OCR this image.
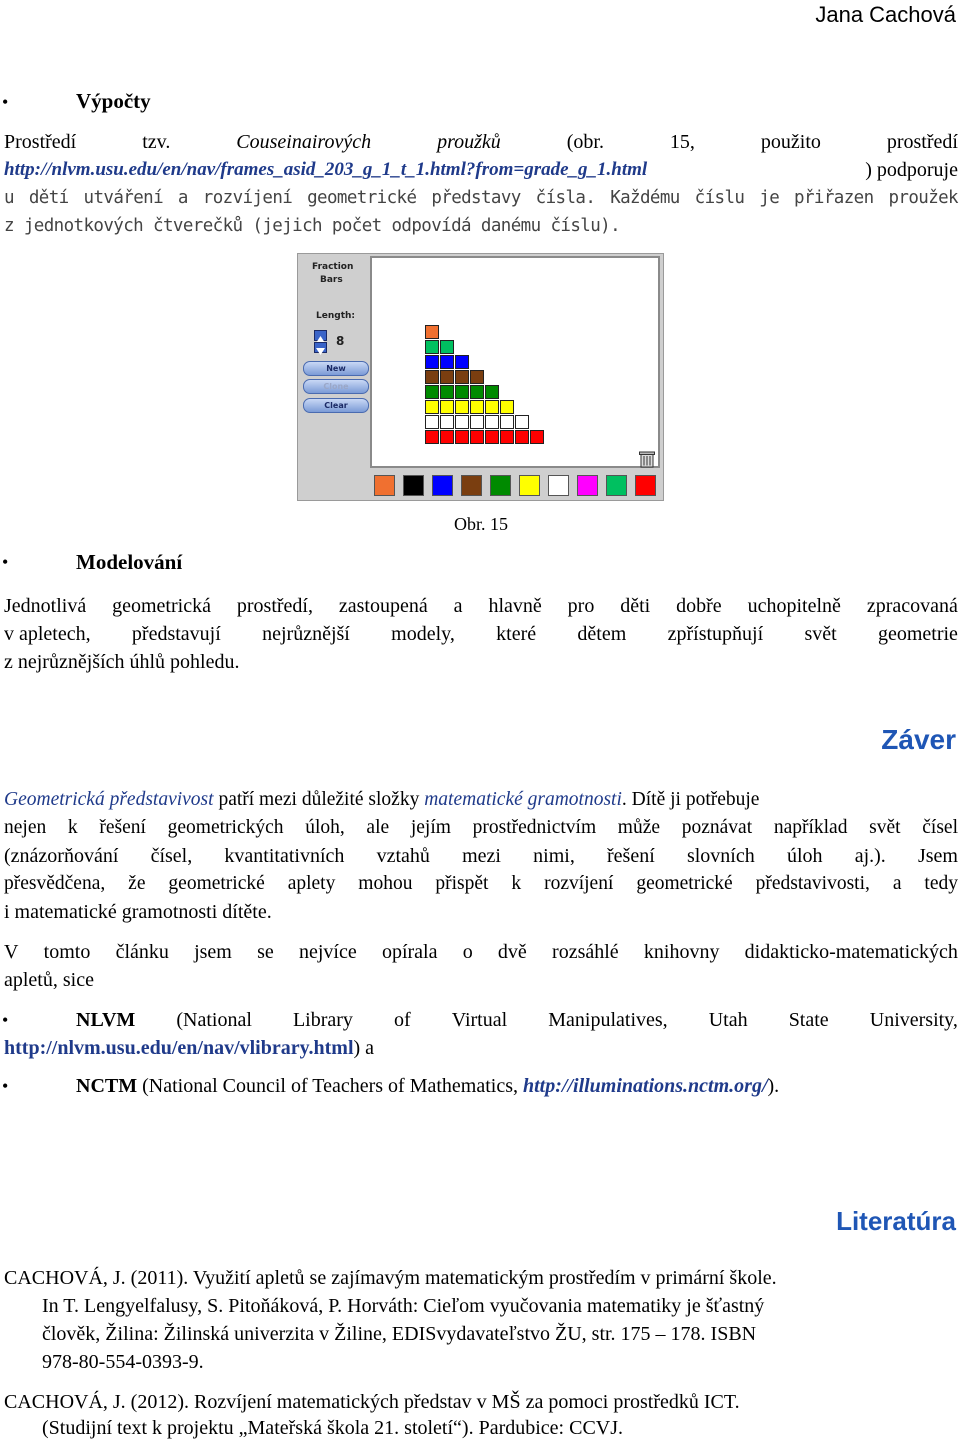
Jana Cachová
•	Výpočty
Prostředí	tzv.	Couseinairových	proužků	(obr.	15,	použito	prostředí
http://nlvm.usu.edu/en/nav/frames_asid_203_g_1_t_1.html?from=grade_g_1.html	) podporuje
u dětí utváření a rozvíjení geometrické představy čísla. Každému číslu je přiřazen proužek
z jednotkových čtverečků (jejich počet odpovídá danému číslu).
Fraction
Bars
Length:
8
New
Clone
Clear
Obr. 15
•	Modelování
Jednotlivá geometrická prostředí, zastoupená a hlavně pro děti dobře uchopitelně zpracovaná
v apletech, představují nejrůznější modely, které dětem zpřístupňují svět geometrie
z nejrůznějších úhlů pohledu.
Záver
Geometrická představivost patří mezi důležité složky matematické gramotnosti. Dítě ji potřebuje
nejen k řešení geometrických úloh, ale jejím prostřednictvím může poznávat například svět čísel
(znázorňování čísel, kvantitativních vztahů mezi nimi, řešení slovních úloh aj.). Jsem
přesvědčena, že geometrické aplety mohou přispět k rozvíjení geometrické představivosti, a tedy
i matematické gramotnosti dítěte.
V tomto článku jsem se nejvíce opírala o dvě rozsáhlé knihovny didakticko-matematických
apletů, sice
•	NLVM (National Library of Virtual Manipulatives, Utah State University,
http://nlvm.usu.edu/en/nav/vlibrary.html) a
•	NCTM (National Council of Teachers of Mathematics, http://illuminations.nctm.org/).
Literatúra
CACHOVÁ, J. (2011). Využití apletů se zajímavým matematickým prostředím v primární škole.
In T. Lengyelfalusy, S. Pitoňáková, P. Horváth: Cieľom vyučovania matematiky je šťastný
člověk, Žilina: Žilinská univerzita v Žiline, EDISvydavateľstvo ŽU, str. 175 – 178. ISBN
978-80-554-0393-9.
CACHOVÁ, J. (2012). Rozvíjení matematických představ v MŠ za pomoci prostředků ICT.
(Studijní text k projektu „Mateřská škola 21. století“). Pardubice: CCVJ.
